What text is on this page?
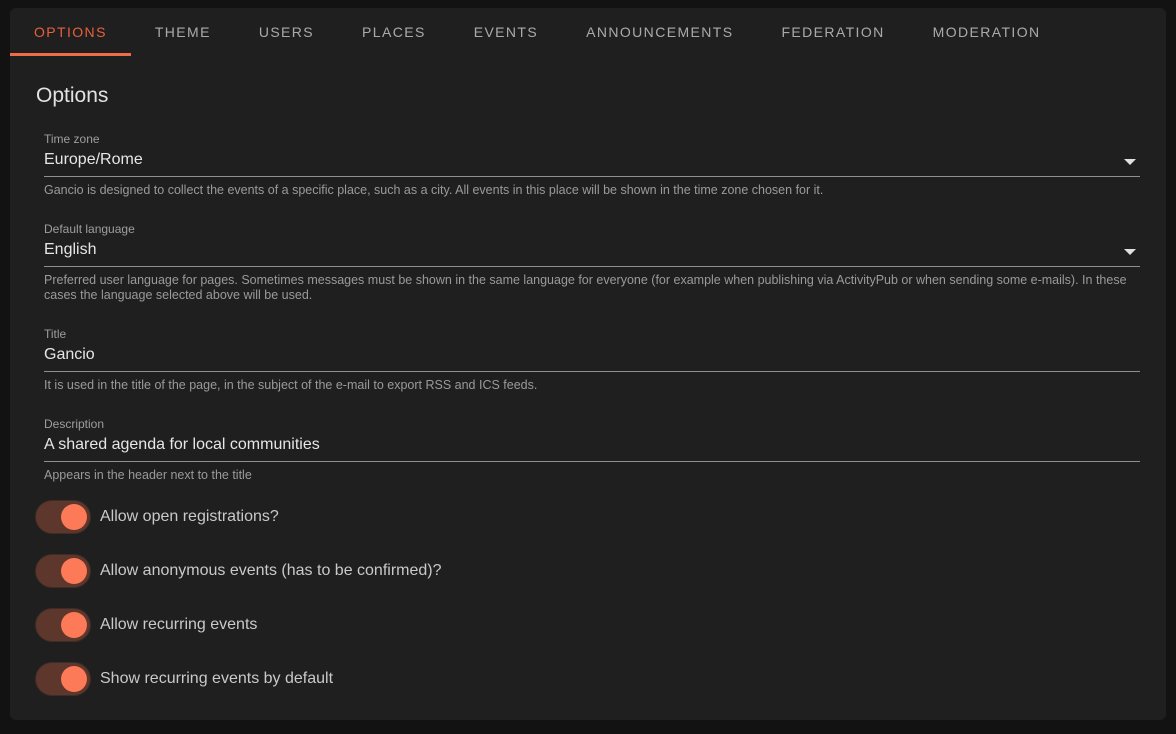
OPTIONS	THEME	USERS	PLACES	EVENTS	ANNOUNCEMENTS	FEDERATION	MODERATION
Options
Time zone
Europe/Rome
Gancio is designed to collect the events of a specific place, such as a city. All events in this place will be shown in the time zone chosen for it.
Default language
English
Preferred user language for pages. Sometimes messages must be shown in the same language for everyone (for example when publishing via ActivityPub or when sending some e-mails). In these cases the language selected above will be used.
Title
Gancio
It is used in the title of the page, in the subject of the e-mail to export RSS and ICS feeds.
Description
A shared agenda for local communities
Appears in the header next to the title
Allow open registrations?
Allow anonymous events (has to be confirmed)?
Allow recurring events
Show recurring events by default
